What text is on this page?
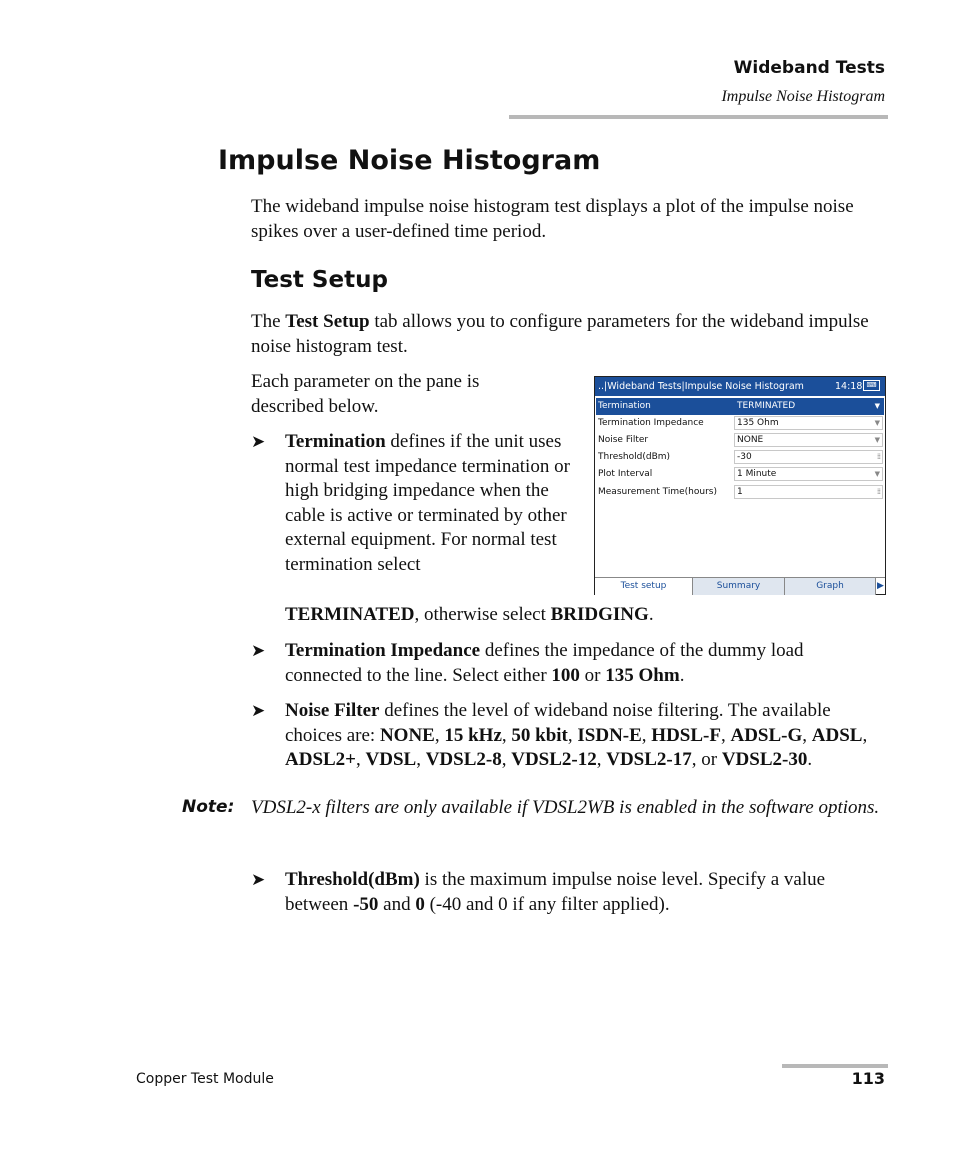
Wideband Tests
Impulse Noise Histogram
Impulse Noise Histogram

The wideband impulse noise histogram test displays a plot of the impulse noise spikes over a user-defined time period.

Test Setup

The Test Setup tab allows you to configure parameters for the wideband impulse noise histogram test.

Each parameter on the pane is described below.

➤ Termination defines if the unit uses normal test impedance termination or high bridging impedance when the cable is active or terminated by other external equipment. For normal test termination select
TERMINATED, otherwise select BRIDGING.
➤ Termination Impedance defines the impedance of the dummy load connected to the line. Select either 100 or 135 Ohm.
➤ Noise Filter defines the level of wideband noise filtering. The available choices are: NONE, 15 kHz, 50 kbit, ISDN-E, HDSL-F, ADSL-G, ADSL, ADSL2+, VDSL, VDSL2-8, VDSL2-12, VDSL2-17, or VDSL2-30.
Note: VDSL2-x filters are only available if VDSL2WB is enabled in the software options.
➤ Threshold(dBm) is the maximum impulse noise level. Specify a value between -50 and 0 (-40 and 0 if any filter applied).
..|Wideband Tests|Impulse Noise Histogram	14:18 ⌨
Termination	TERMINATED	▼
Termination Impedance	135 Ohm	▼
Noise Filter	NONE	▼
Threshold(dBm)	-30	⁞⁞
Plot Interval	1 Minute	▼
Measurement Time(hours)	1	⁞⁞
Test setup	Summary	Graph	▶
Copper Test Module	113
